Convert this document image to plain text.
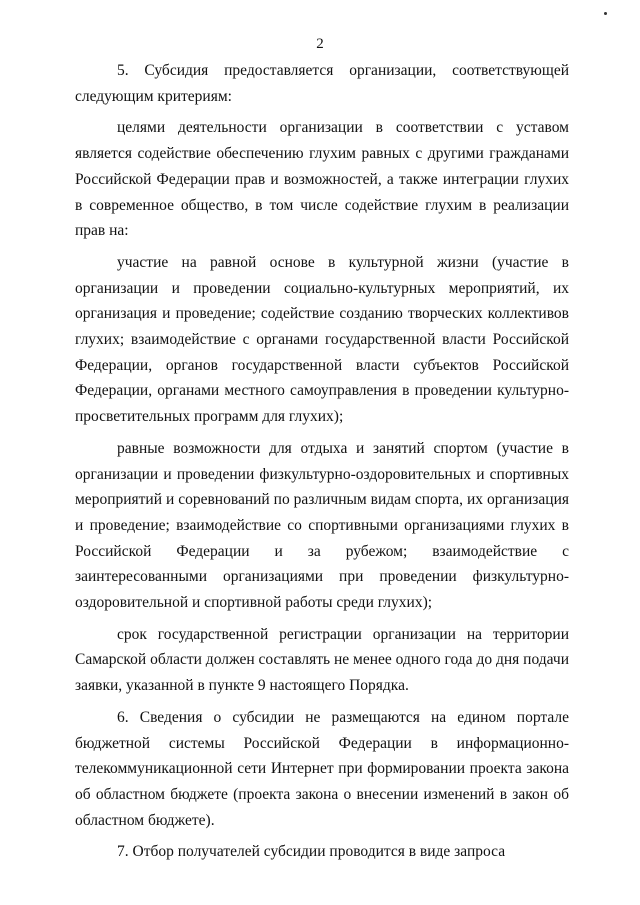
2

5. Субсидия предоставляется организации, соответствующей следующим критериям:

целями деятельности организации в соответствии с уставом является содействие обеспечению глухим равных с другими гражданами Российской Федерации прав и возможностей, а также интеграции глухих в современное общество, в том числе содействие глухим в реализации прав на:

участие на равной основе в культурной жизни (участие в организации и проведении социально-культурных мероприятий, их организация и проведение; содействие созданию творческих коллективов глухих; взаимодействие с органами государственной власти Российской Федерации, органов государственной власти субъектов Российской Федерации, органами местного самоуправления в проведении культурно-просветительных программ для глухих);

равные возможности для отдыха и занятий спортом (участие в организации и проведении физкультурно-оздоровительных и спортивных мероприятий и соревнований по различным видам спорта, их организация и проведение; взаимодействие со спортивными организациями глухих в Российской Федерации и за рубежом; взаимодействие с заинтересованными организациями при проведении физкультурно-оздоровительной и спортивной работы среди глухих);

срок государственной регистрации организации на территории Самарской области должен составлять не менее одного года до дня подачи заявки, указанной в пункте 9 настоящего Порядка.

6. Сведения о субсидии не размещаются на едином портале бюджетной системы Российской Федерации в информационно-телекоммуникационной сети Интернет при формировании проекта закона об областном бюджете (проекта закона о внесении изменений в закон об областном бюджете).

7. Отбор получателей субсидии проводится в виде запроса
